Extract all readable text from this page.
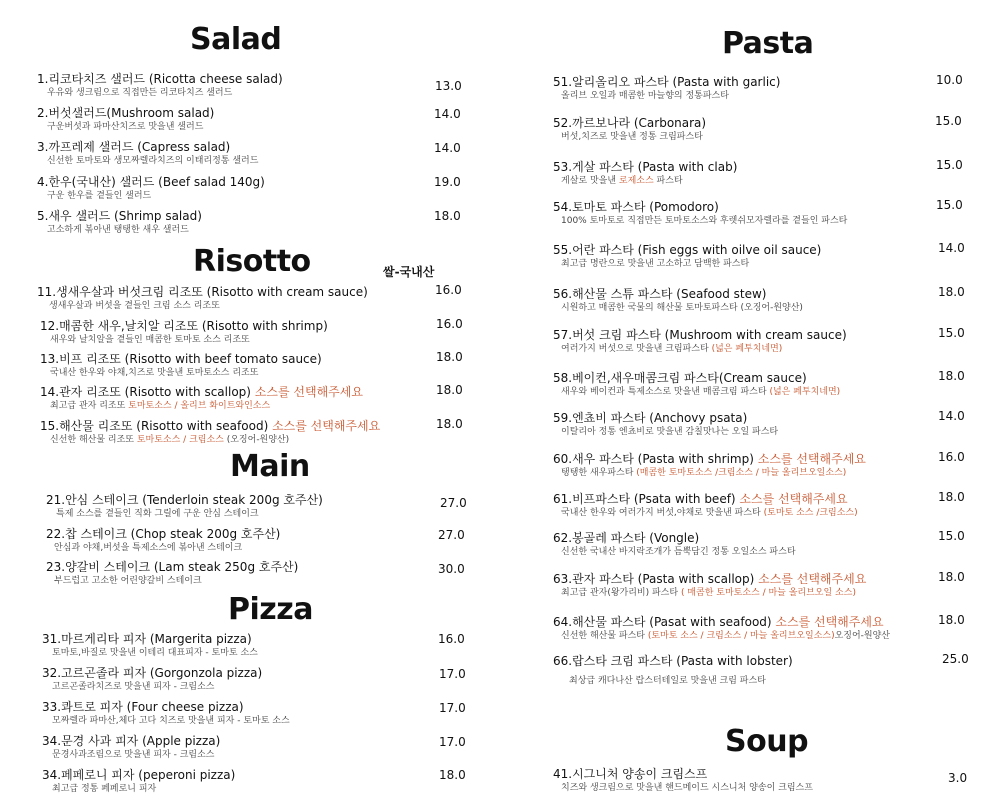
Salad
1.리코타치즈 샐러드 (Ricotta cheese salad)
우유와 생크림으로 직접만든 리코타치즈 샐러드	13.0
2.버섯샐러드(Mushroom salad)
구운버섯과 파마산치즈로 맛을낸 샐러드
14.0
3.까프레제 샐러드 (Capress salad)
신선한 토마토와 생모짜렐라치즈의 이태리정통 샐러드
14.0
4.한우(국내산) 샐러드 (Beef salad 140g)
구운 한우를 곁들인 샐러드
19.0
5.새우 샐러드 (Shrimp salad)
고소하게 볶아낸 탱탱한 새우 샐러드
18.0
Risotto	쌀-국내산
11.생새우살과 버섯크림 리조또 (Risotto with cream sauce)
생새우살과 버섯을 곁들인 크림 소스 리조또
16.0
12.매콤한 새우,날치알 리조또 (Risotto with shrimp)
새우와 날치알을 곁들인 매콤한 토마토 소스 리조또
16.0
13.비프 리조또 (Risotto with beef tomato sauce)
국내산 한우와 야채,치즈로 맛을낸 토마토소스 리조또
18.0
14.관자 리조또 (Risotto with scallop) 소스를 선택해주세요
최고급 관자 리조또 토마토소스 / 올리브 화이트와인소스
18.0
15.해산물 리조또 (Risotto with seafood) 소스를 선택해주세요
신선한 해산물 리조또 토마토소스 / 크림소스 (오징어-원양산)
18.0
Main
21.안심 스테이크 (Tenderloin steak 200g 호주산)
특제 소스를 곁들인 직화 그릴에 구운 안심 스테이크
27.0
22.찹 스테이크 (Chop steak 200g 호주산)
안심과 야채,버섯을 특제소스에 볶아낸 스테이크
27.0
23.양갈비 스테이크 (Lam steak 250g 호주산)
부드럽고 고소한 어린양갈비 스테이크
30.0
Pizza
31.마르게리타 피자 (Margerita pizza)
토마토,바질로 맛을낸 이테리 대표피자 - 토마토 소스
16.0
32.고르곤졸라 피자 (Gorgonzola pizza)
고르곤졸라치즈로 맛을낸 피자 - 크림소스
17.0
33.콰트로 피자 (Four cheese pizza)
모짜렐라 파마산,체다 고다 치즈로 맛을낸 피자 - 토마토 소스
17.0
34.문경 사과 피자 (Apple pizza)
문경사과조림으로 맛을낸 피자 - 크림소스
17.0
34.페페로니 피자 (peperoni pizza)
최고급 정통 페페로니 피자
18.0
Pasta
51.알리올리오 파스타 (Pasta with garlic)
올리브 오일과 매콤한 마늘향의 정통파스타
10.0
52.까르보나라 (Carbonara)
버섯,치즈로 맛을낸 정통 크림파스타
15.0
53.게살 파스타 (Pasta with clab)
게살로 맛을낸 로제소스 파스타
15.0
54.토마토 파스타 (Pomodoro)
100% 토마토로 직접만든 토마토소스와 후렛쉬모자렐라를 곁들인 파스타
15.0
55.어란 파스타 (Fish eggs with oilve oil sauce)
최고급 명란으로 맛을낸 고소하고 담백한 파스타
14.0
56.해산물 스튜 파스타 (Seafood stew)
시원하고 매콤한 국물의 해산물 토마토파스타 (오징어-원양산)
18.0
57.버섯 크림 파스타 (Mushroom with cream sauce)
여러가지 버섯으로 맛을낸 크림파스타 (넓은 페투치네면)
15.0
58.베이컨,새우매콤크림 파스타(Cream sauce)
새우와 베이컨과 특제소스로 맛을낸 매콤크림 파스타 (넓은 페투치네면)
18.0
59.엔쵸비 파스타 (Anchovy psata)
이탈리아 정통 엔쵸비로 맛을낸 감칠맛나는 오일 파스타
14.0
60.새우 파스타 (Pasta with shrimp) 소스를 선택해주세요
탱탱한 새우파스타 (매콤한 토마토소스 /크림소스 / 마늘 올리브오일소스)
16.0
61.비프파스타 (Psata with beef) 소스를 선택해주세요
국내산 한우와 여러가지 버섯,야채로 맛을낸 파스타 (토마토 소스 /크림소스)
18.0
62.봉골레 파스타 (Vongle)
신선한 국내산 바지락조개가 듬뿍담긴 정통 오일소스 파스타
15.0
63.관자 파스타 (Pasta with scallop) 소스를 선택해주세요
최고급 관자(왕가리비) 파스타 ( 매콤한 토마토소스 / 마늘 올리브오일 소스)
18.0
64.해산물 파스타 (Pasat with seafood) 소스를 선택해주세요
신선한 해산물 파스타 (토마토 소스 / 크림소스 / 마늘 올리브오일소스)오징어-원양산
18.0
66.랍스타 크림 파스타 (Pasta with lobster)
최상급 캐다나산 랍스터테일로 맛을낸 크림 파스타
25.0
Soup
41.시그니처 양송이 크림스프
치즈와 생크림으로 맛을낸 핸드메이드 시스니처 양송이 크림스프
3.0
